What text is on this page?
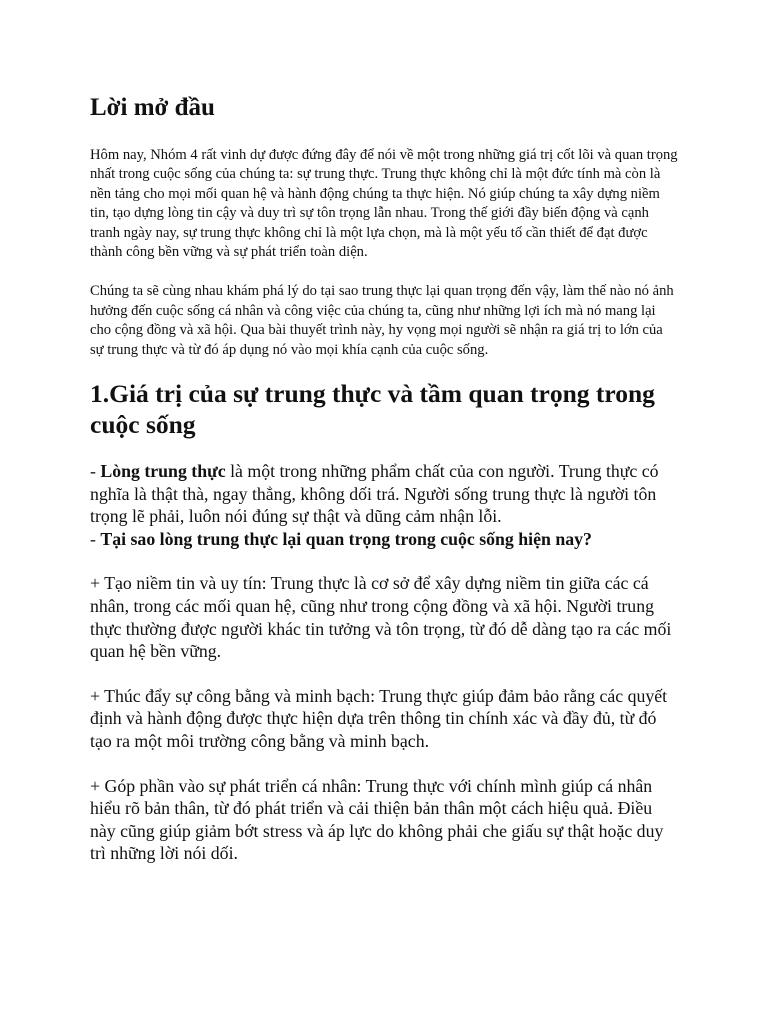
Lời mở đầu

Hôm nay, Nhóm 4 rất vinh dự được đứng đây để nói về một trong những giá trị cốt lõi và quan trọng nhất trong cuộc sống của chúng ta: sự trung thực. Trung thực không chỉ là một đức tính mà còn là nền tảng cho mọi mối quan hệ và hành động chúng ta thực hiện. Nó giúp chúng ta xây dựng niềm tin, tạo dựng lòng tin cậy và duy trì sự tôn trọng lẫn nhau. Trong thế giới đầy biến động và cạnh tranh ngày nay, sự trung thực không chỉ là một lựa chọn, mà là một yếu tố cần thiết để đạt được thành công bền vững và sự phát triển toàn diện.

Chúng ta sẽ cùng nhau khám phá lý do tại sao trung thực lại quan trọng đến vậy, làm thế nào nó ảnh hưởng đến cuộc sống cá nhân và công việc của chúng ta, cũng như những lợi ích mà nó mang lại cho cộng đồng và xã hội. Qua bài thuyết trình này, hy vọng mọi người sẽ nhận ra giá trị to lớn của sự trung thực và từ đó áp dụng nó vào mọi khía cạnh của cuộc sống.

1.Giá trị của sự trung thực và tầm quan trọng trong cuộc sống

- Lòng trung thực là một trong những phẩm chất của con người. Trung thực có nghĩa là thật thà, ngay thẳng, không dối trá. Người sống trung thực là người tôn trọng lẽ phải, luôn nói đúng sự thật và dũng cảm nhận lỗi.

- Tại sao lòng trung thực lại quan trọng trong cuộc sống hiện nay?

+ Tạo niềm tin và uy tín: Trung thực là cơ sở để xây dựng niềm tin giữa các cá nhân, trong các mối quan hệ, cũng như trong cộng đồng và xã hội. Người trung thực thường được người khác tin tưởng và tôn trọng, từ đó dễ dàng tạo ra các mối quan hệ bền vững.

+ Thúc đẩy sự công bằng và minh bạch: Trung thực giúp đảm bảo rằng các quyết định và hành động được thực hiện dựa trên thông tin chính xác và đầy đủ, từ đó tạo ra một môi trường công bằng và minh bạch.

+ Góp phần vào sự phát triển cá nhân: Trung thực với chính mình giúp cá nhân hiểu rõ bản thân, từ đó phát triển và cải thiện bản thân một cách hiệu quả. Điều này cũng giúp giảm bớt stress và áp lực do không phải che giấu sự thật hoặc duy trì những lời nói dối.
